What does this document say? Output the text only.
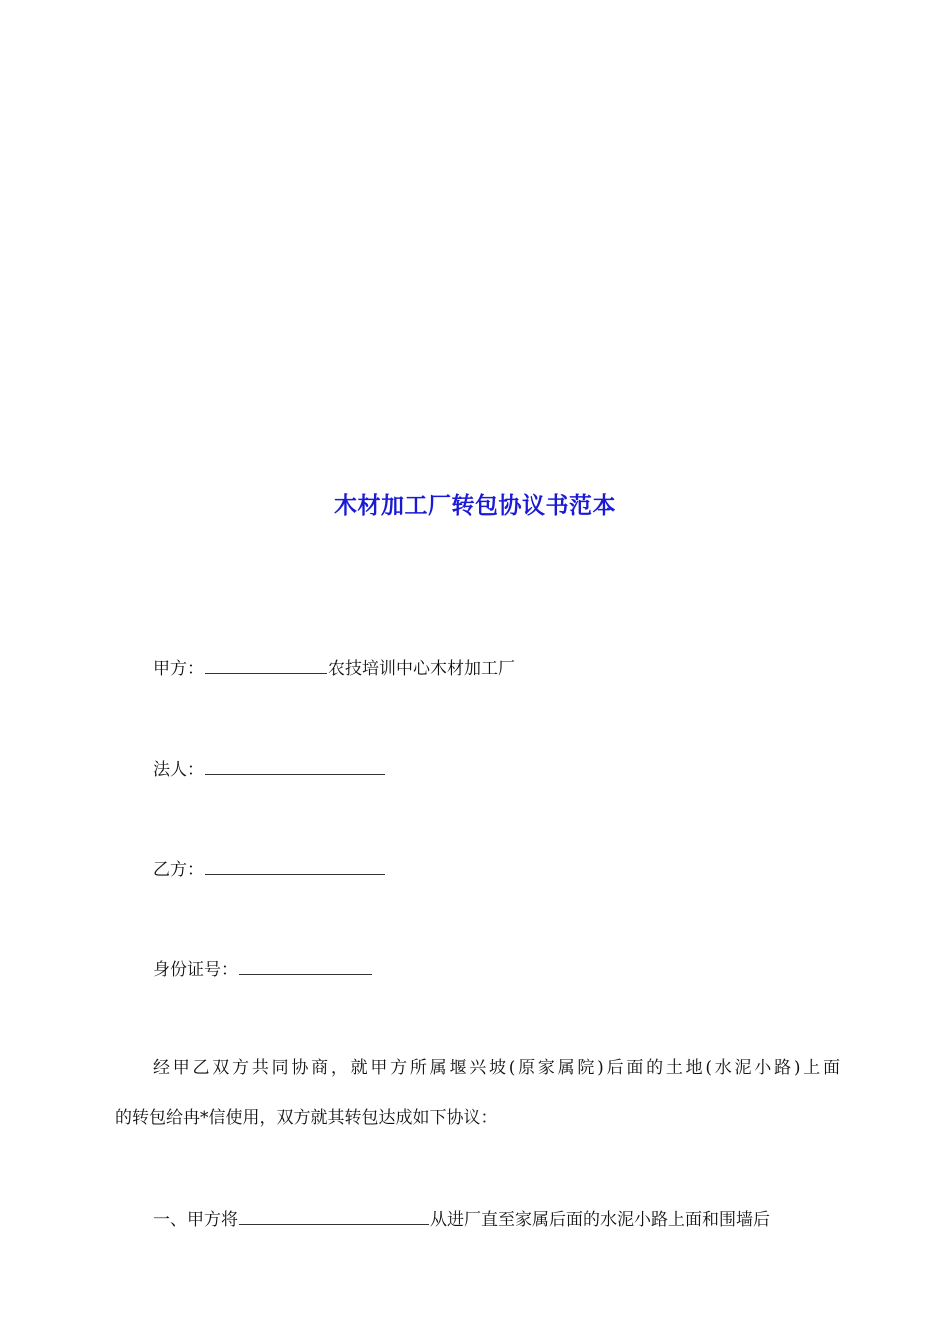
木材加工厂转包协议书范本
甲方：	农技培训中心木材加工厂
法人：
乙方：
身份证号：
经甲乙双方共同协商，就甲方所属堰兴坡(原家属院)后面的土地(水泥小路)上面
的转包给冉*信使用，双方就其转包达成如下协议：
一、甲方将	从进厂直至家属后面的水泥小路上面和围墙后
